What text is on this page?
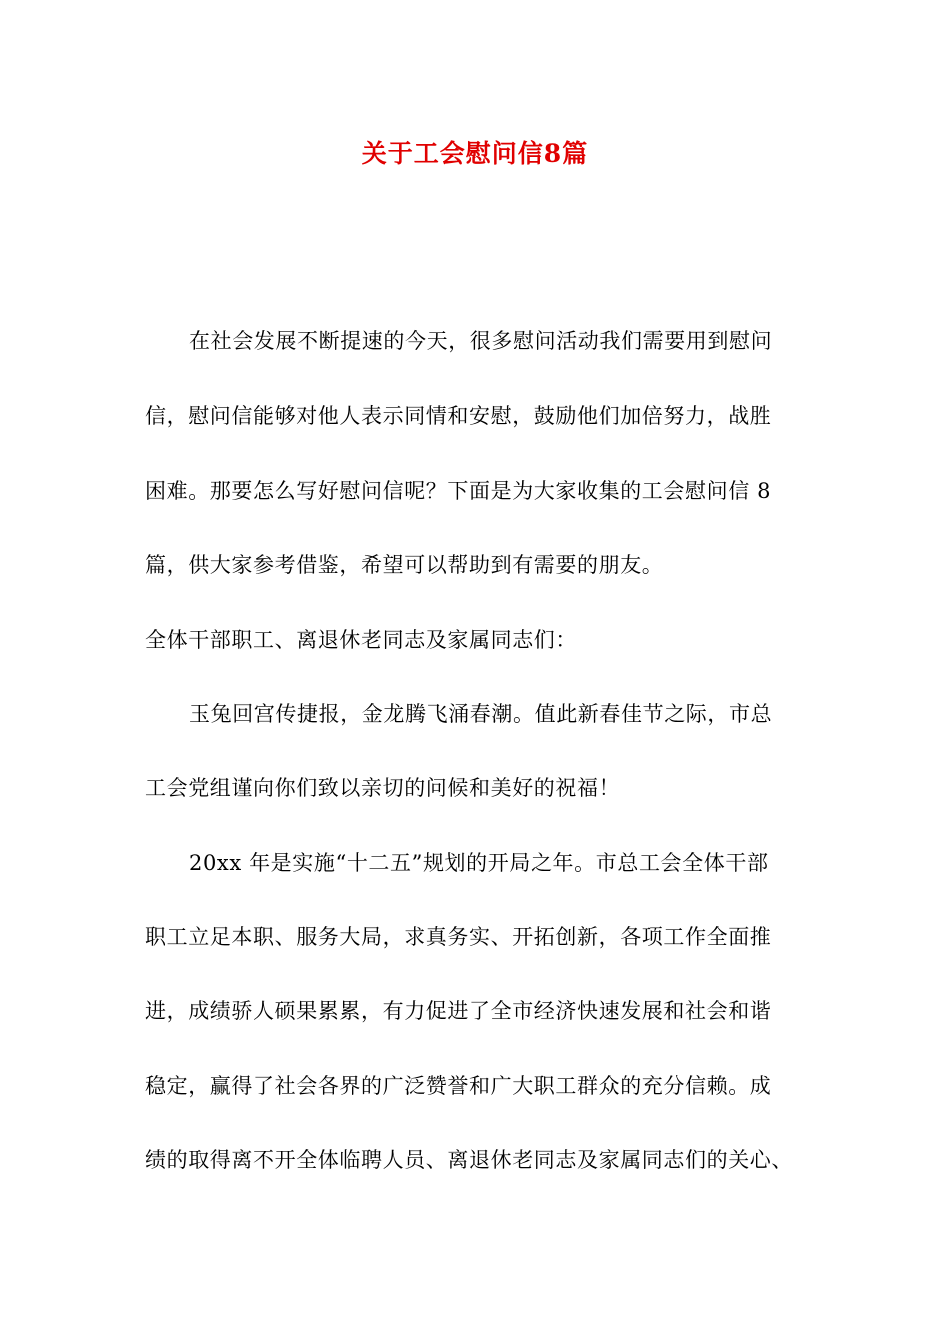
关于工会慰问信8篇
在社会发展不断提速的今天，很多慰问活动我们需要用到慰问
信，慰问信能够对他人表示同情和安慰，鼓励他们加倍努力，战胜
困难。那要怎么写好慰问信呢？下面是为大家收集的工会慰问信 8
篇，供大家参考借鉴，希望可以帮助到有需要的朋友。
全体干部职工、离退休老同志及家属同志们：
玉兔回宫传捷报，金龙腾飞涌春潮。值此新春佳节之际，市总
工会党组谨向你们致以亲切的问候和美好的祝福！
20xx 年是实施“十二五”规划的开局之年。市总工会全体干部
职工立足本职、服务大局，求真务实、开拓创新，各项工作全面推
进，成绩骄人硕果累累，有力促进了全市经济快速发展和社会和谐
稳定，赢得了社会各界的广泛赞誉和广大职工群众的充分信赖。成
绩的取得离不开全体临聘人员、离退休老同志及家属同志们的关心、
